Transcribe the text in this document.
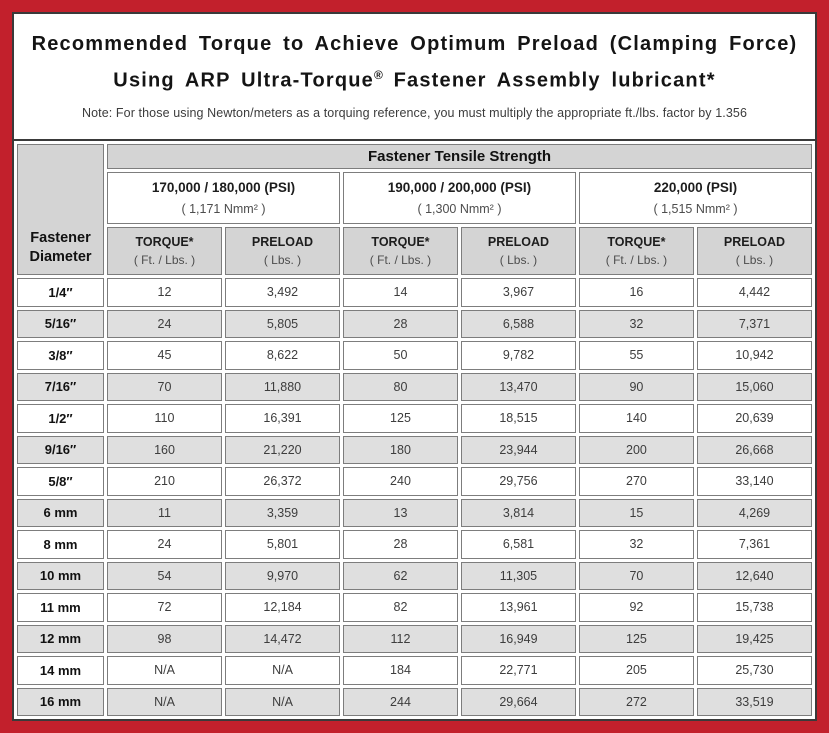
Recommended Torque to Achieve Optimum Preload (Clamping Force)
Using ARP Ultra-Torque® Fastener Assembly lubricant*
Note: For those using Newton/meters as a torquing reference, you must multiply the appropriate ft./lbs. factor by 1.356
Fastener Diameter	Fastener Tensile Strength					

170,000 / 180,000 (PSI)
( 1,171 Nmm² )

190,000 / 200,000 (PSI)
( 1,300 Nmm² )

220,000 (PSI)
( 1,515 Nmm² )

TORQUE*
( Ft. / Lbs. )

PRELOAD
( Lbs. )

TORQUE*
( Ft. / Lbs. )

PRELOAD
( Lbs. )

TORQUE*
( Ft. / Lbs. )

PRELOAD
( Lbs. )

1/4″	12	3,492	14	3,967	16	4,442
5/16″	24	5,805	28	6,588	32	7,371
3/8″	45	8,622	50	9,782	55	10,942
7/16″	70	11,880	80	13,470	90	15,060
1/2″	110	16,391	125	18,515	140	20,639
9/16″	160	21,220	180	23,944	200	26,668
5/8″	210	26,372	240	29,756	270	33,140
6 mm	11	3,359	13	3,814	15	4,269
8 mm	24	5,801	28	6,581	32	7,361
10 mm	54	9,970	62	11,305	70	12,640
11 mm	72	12,184	82	13,961	92	15,738
12 mm	98	14,472	112	16,949	125	19,425
14 mm	N/A	N/A	184	22,771	205	25,730
16 mm	N/A	N/A	244	29,664	272	33,519
